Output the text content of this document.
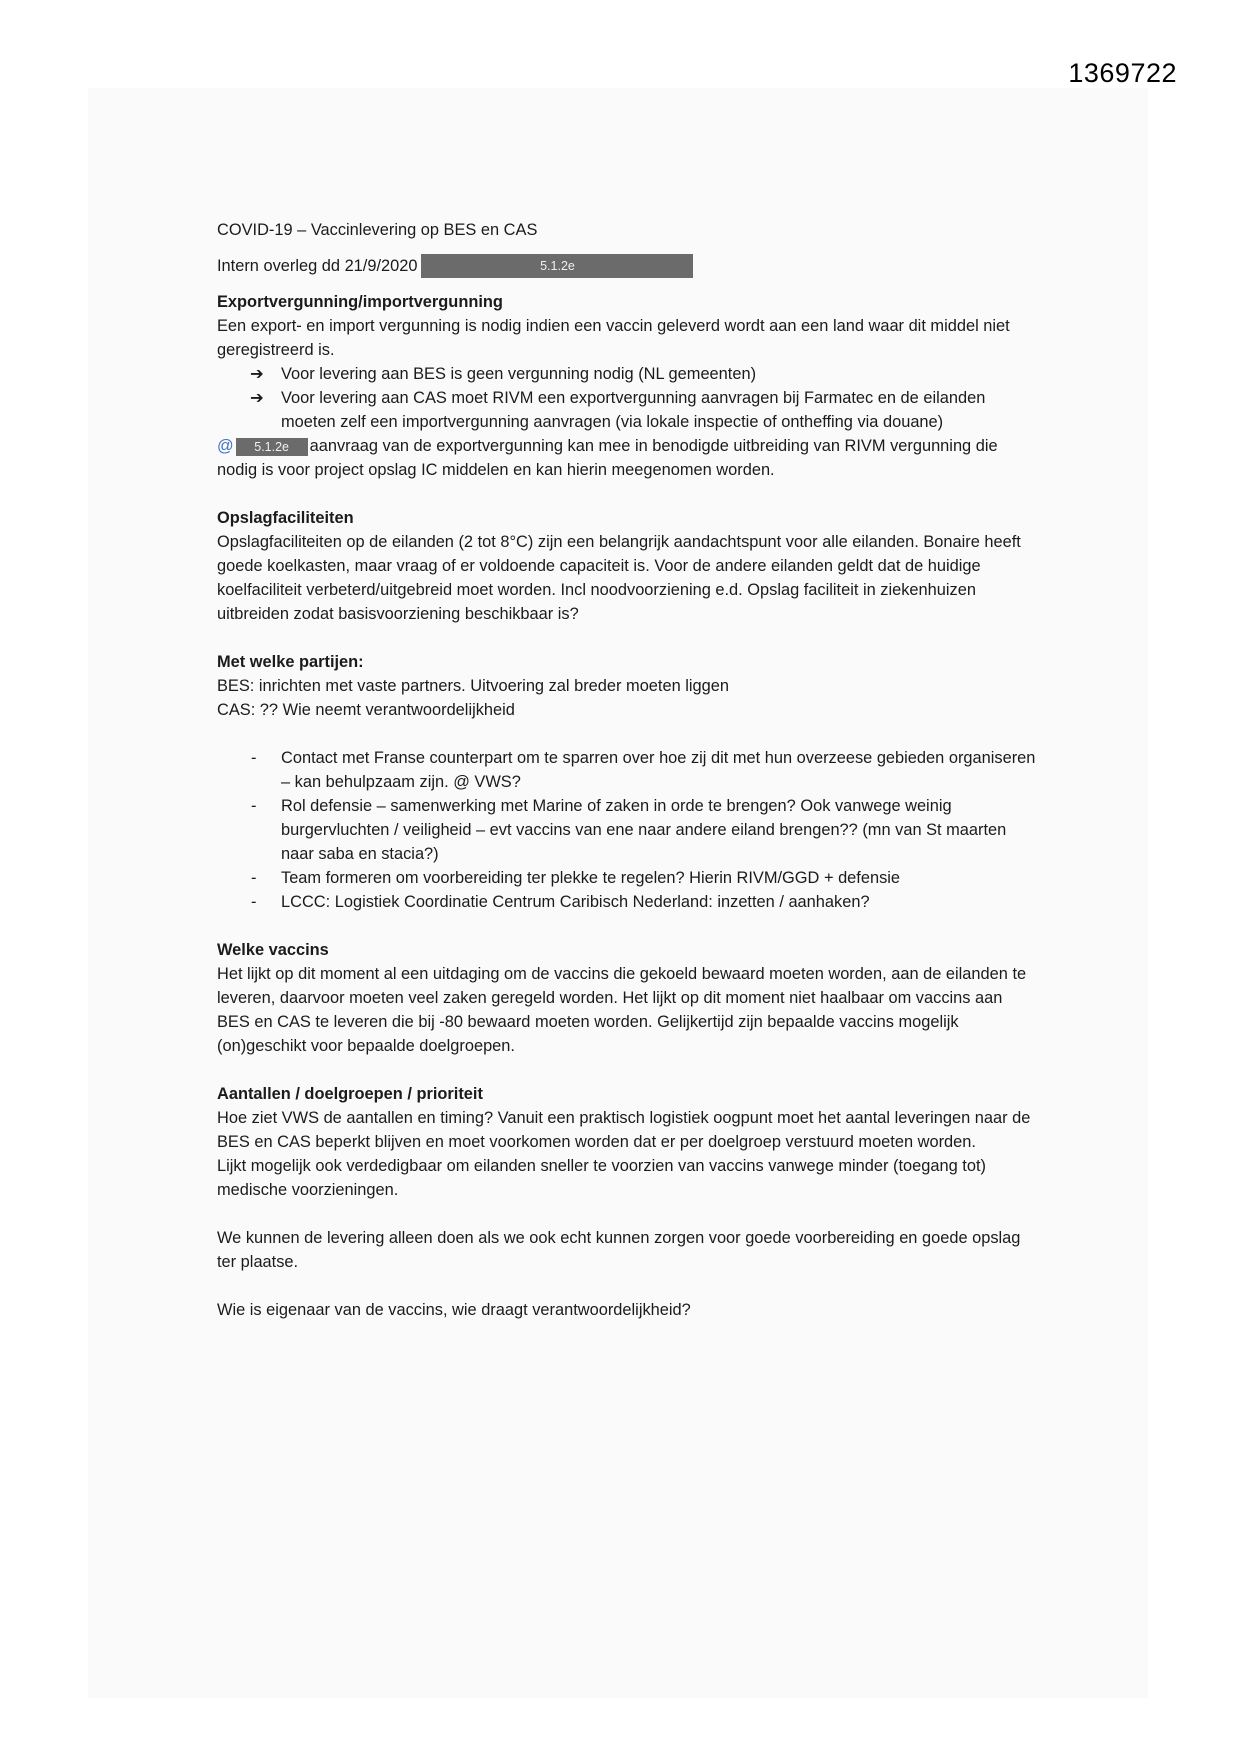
1369722

COVID-19 – Vaccinlevering op BES en CAS

Intern overleg dd 21/9/2020	5.1.2e

Exportvergunning/importvergunning

Een export- en import vergunning is nodig indien een vaccin geleverd wordt aan een land waar dit middel niet geregistreerd is.

➔ Voor levering aan BES is geen vergunning nodig (NL gemeenten)
➔ Voor levering aan CAS moet RIVM een exportvergunning aanvragen bij Farmatec en de eilanden moeten zelf een importvergunning aanvragen (via lokale inspectie of ontheffing via douane)

@ 5.1.2e aanvraag van de exportvergunning kan mee in benodigde uitbreiding van RIVM vergunning die nodig is voor project opslag IC middelen en kan hierin meegenomen worden.

Opslagfaciliteiten

Opslagfaciliteiten op de eilanden (2 tot 8°C) zijn een belangrijk aandachtspunt voor alle eilanden. Bonaire heeft goede koelkasten, maar vraag of er voldoende capaciteit is. Voor de andere eilanden geldt dat de huidige koelfaciliteit verbeterd/uitgebreid moet worden. Incl noodvoorziening e.d. Opslag faciliteit in ziekenhuizen uitbreiden zodat basisvoorziening beschikbaar is?

Met welke partijen:

BES: inrichten met vaste partners. Uitvoering zal breder moeten liggen

CAS: ?? Wie neemt verantwoordelijkheid

- Contact met Franse counterpart om te sparren over hoe zij dit met hun overzeese gebieden organiseren – kan behulpzaam zijn. @ VWS?
- Rol defensie – samenwerking met Marine of zaken in orde te brengen? Ook vanwege weinig burgervluchten / veiligheid – evt vaccins van ene naar andere eiland brengen?? (mn van St maarten naar saba en stacia?)
- Team formeren om voorbereiding ter plekke te regelen? Hierin RIVM/GGD + defensie
- LCCC: Logistiek Coordinatie Centrum Caribisch Nederland: inzetten / aanhaken?

Welke vaccins

Het lijkt op dit moment al een uitdaging om de vaccins die gekoeld bewaard moeten worden, aan de eilanden te leveren, daarvoor moeten veel zaken geregeld worden. Het lijkt op dit moment niet haalbaar om vaccins aan BES en CAS te leveren die bij -80 bewaard moeten worden. Gelijkertijd zijn bepaalde vaccins mogelijk (on)geschikt voor bepaalde doelgroepen.

Aantallen / doelgroepen / prioriteit

Hoe ziet VWS de aantallen en timing? Vanuit een praktisch logistiek oogpunt moet het aantal leveringen naar de BES en CAS beperkt blijven en moet voorkomen worden dat er per doelgroep verstuurd moeten worden.

Lijkt mogelijk ook verdedigbaar om eilanden sneller te voorzien van vaccins vanwege minder (toegang tot) medische voorzieningen.

We kunnen de levering alleen doen als we ook echt kunnen zorgen voor goede voorbereiding en goede opslag ter plaatse.

Wie is eigenaar van de vaccins, wie draagt verantwoordelijkheid?
